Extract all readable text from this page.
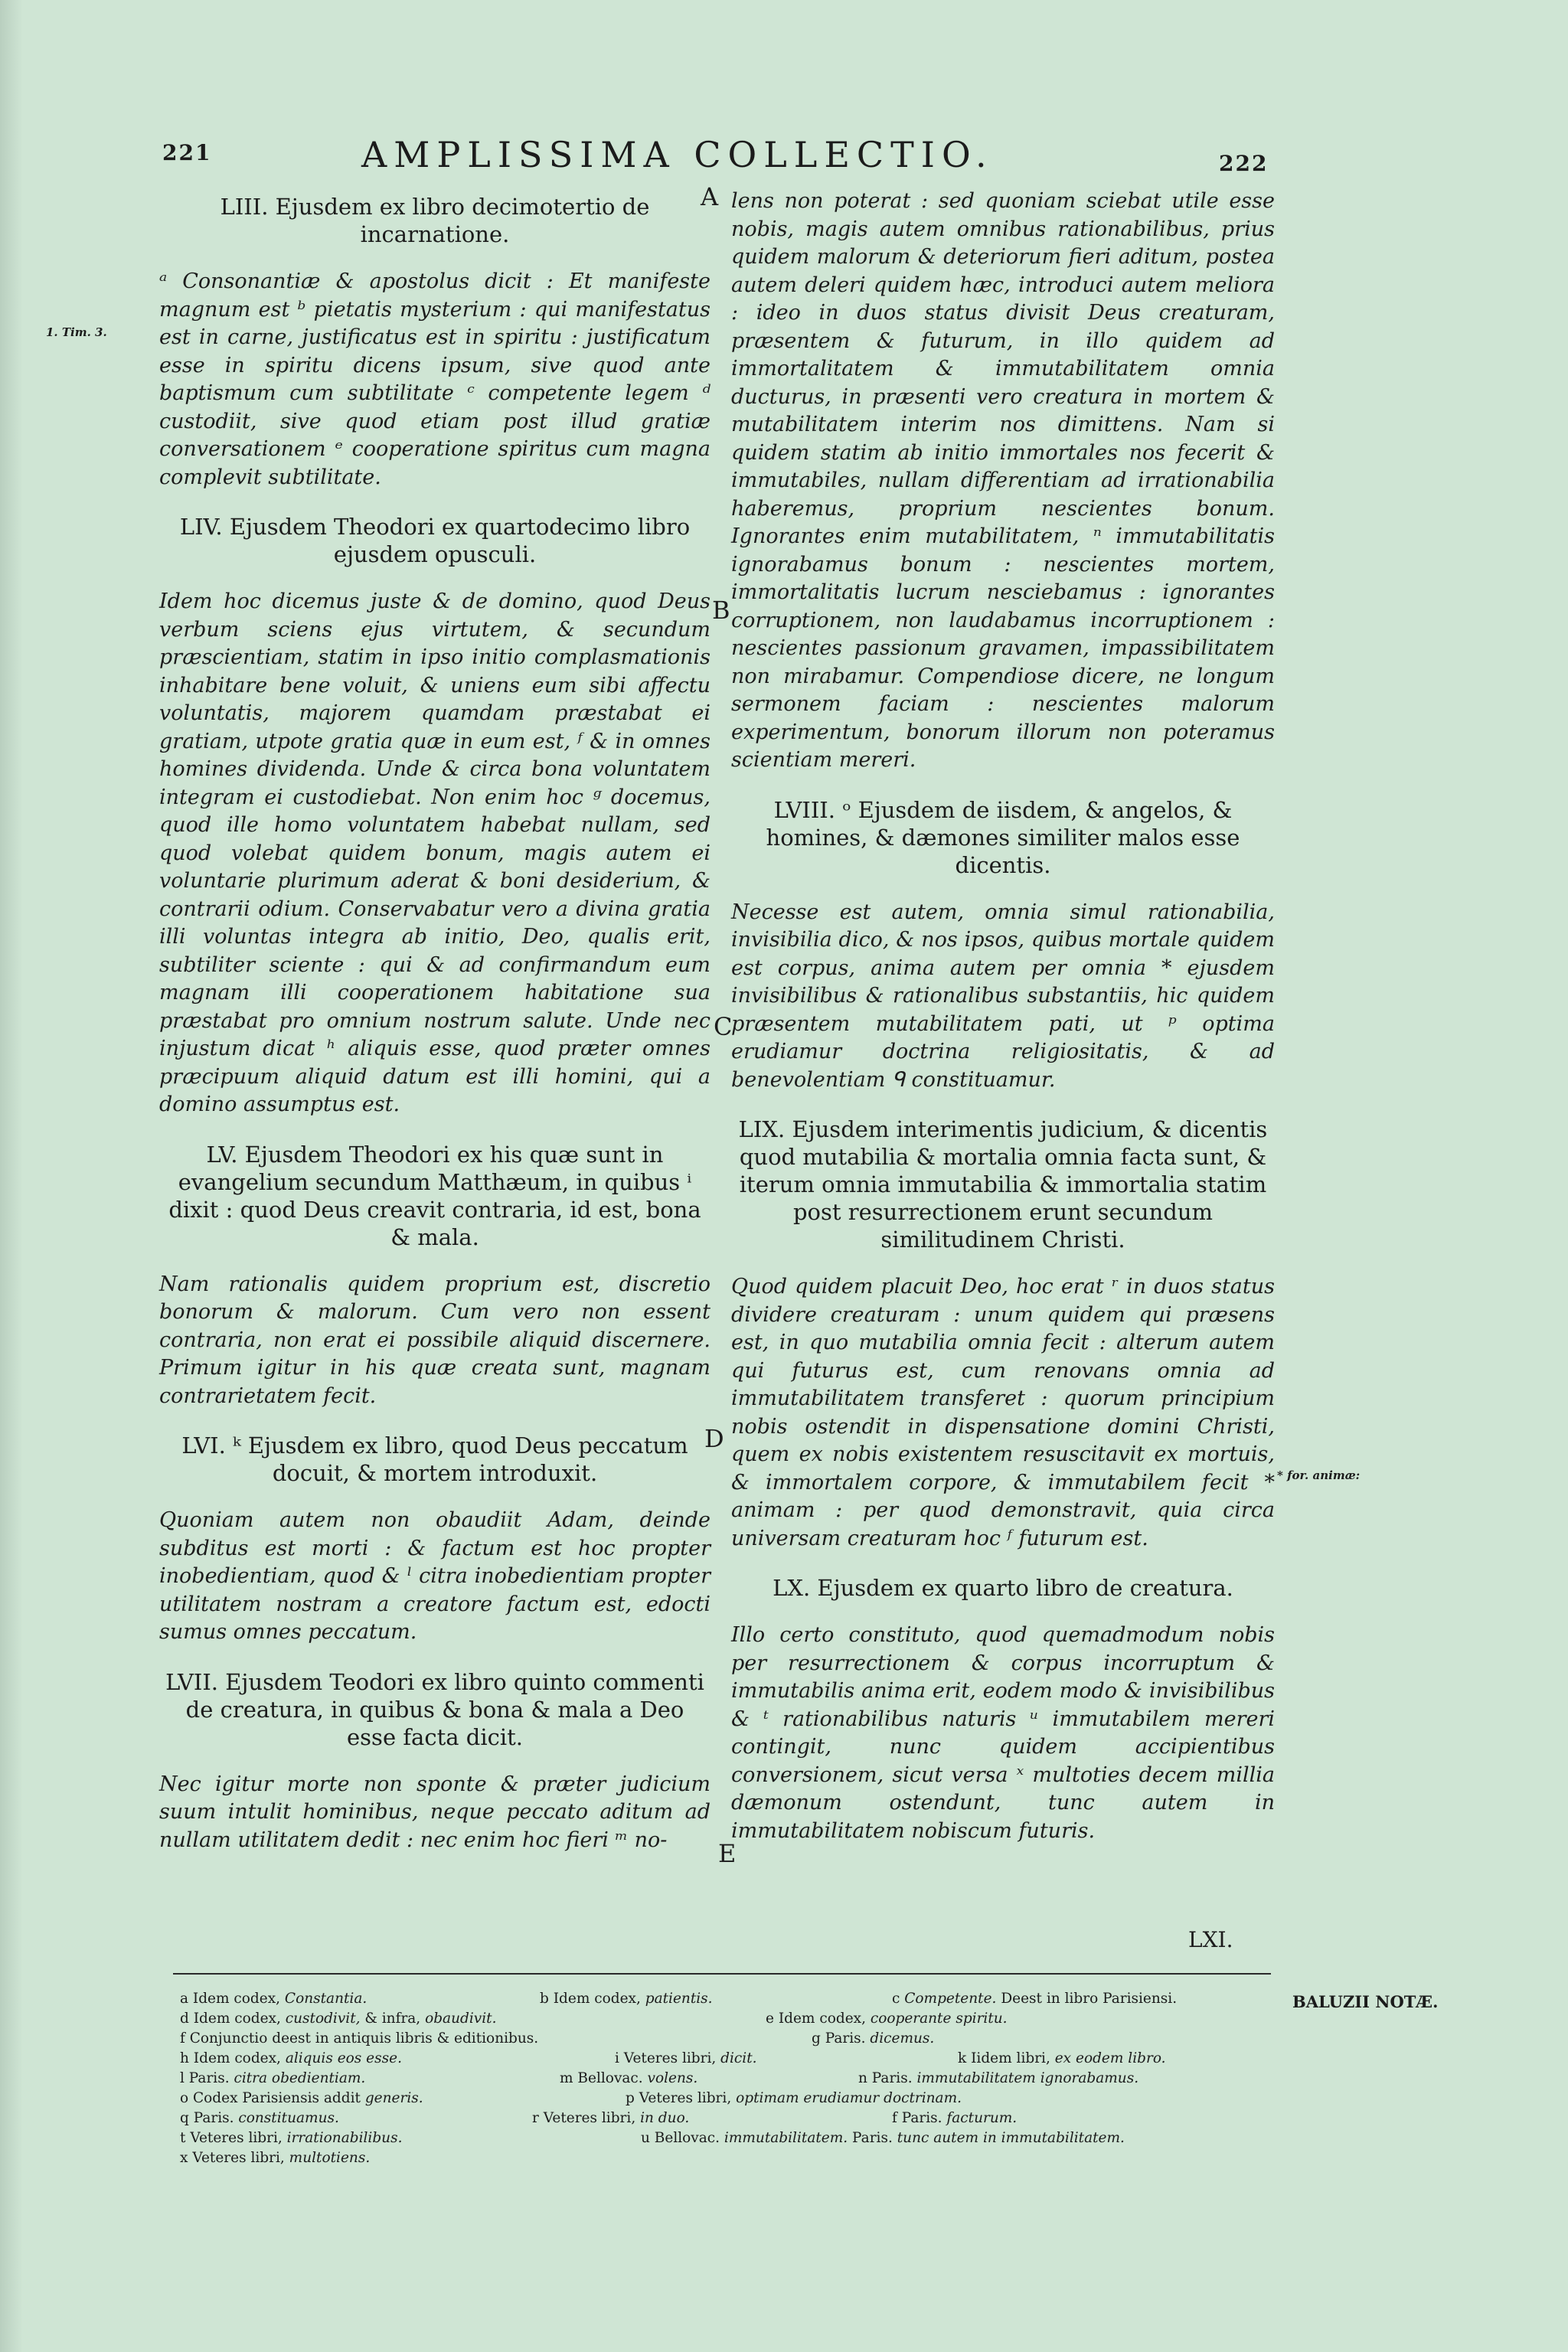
221	AMPLISSIMA COLLECTIO.	222
LIII. Ejusdem ex libro decimotertio de incarnatione.
ᵃ Consonantiæ & apostolus dicit : Et manifeste magnum est ᵇ pietatis mysterium : qui manifestatus est in carne, justificatus est in spiritu : justificatum esse in spiritu dicens ipsum, sive quod ante baptismum cum subtilitate ᶜ competente legem ᵈ custodiit, sive quod etiam post illud gratiæ conversationem ᵉ cooperatione spiritus cum magna complevit subtilitate.
LIV. Ejusdem Theodori ex quartodecimo libro ejusdem opusculi.
Idem hoc dicemus juste & de domino, quod Deus verbum sciens ejus virtutem, & secundum præscientiam, statim in ipso initio complasmationis inhabitare bene voluit, & uniens eum sibi affectu voluntatis, majorem quamdam præstabat ei gratiam, utpote gratia quæ in eum est, ᶠ & in omnes homines dividenda. Unde & circa bona voluntatem integram ei custodiebat. Non enim hoc ᵍ docemus, quod ille homo voluntatem habebat nullam, sed quod volebat quidem bonum, magis autem ei voluntarie plurimum aderat & boni desiderium, & contrarii odium. Conservabatur vero a divina gratia illi voluntas integra ab initio, Deo, qualis erit, subtiliter sciente : qui & ad confirmandum eum magnam illi cooperationem habitatione sua præstabat pro omnium nostrum salute. Unde nec injustum dicat ʰ aliquis esse, quod præter omnes præcipuum aliquid datum est illi homini, qui a domino assumptus est.
LV. Ejusdem Theodori ex his quæ sunt in evangelium secundum Matthæum, in quibus ⁱ dixit : quod Deus creavit contraria, id est, bona & mala.
Nam rationalis quidem proprium est, discretio bonorum & malorum. Cum vero non essent contraria, non erat ei possibile aliquid discernere. Primum igitur in his quæ creata sunt, magnam contrarietatem fecit.
LVI. ᵏ Ejusdem ex libro, quod Deus peccatum docuit, & mortem introduxit.
Quoniam autem non obaudiit Adam, deinde subditus est morti : & factum est hoc propter inobedientiam, quod & ˡ citra inobedientiam propter utilitatem nostram a creatore factum est, edocti sumus omnes peccatum.
LVII. Ejusdem Teodori ex libro quinto commenti de creatura, in quibus & bona & mala a Deo esse facta dicit.
Nec igitur morte non sponte & præter judicium suum intulit hominibus, neque peccato aditum ad nullam utilitatem dedit : nec enim hoc fieri ᵐ no-
lens non poterat : sed quoniam sciebat utile esse nobis, magis autem omnibus rationabilibus, prius quidem malorum & deteriorum fieri aditum, postea autem deleri quidem hæc, introduci autem meliora : ideo in duos status divisit Deus creaturam, præsentem & futurum, in illo quidem ad immortalitatem & immutabilitatem omnia ducturus, in præsenti vero creatura in mortem & mutabilitatem interim nos dimittens. Nam si quidem statim ab initio immortales nos fecerit & immutabiles, nullam differentiam ad irrationabilia haberemus, proprium nescientes bonum. Ignorantes enim mutabilitatem, ⁿ immutabilitatis ignorabamus bonum : nescientes mortem, immortalitatis lucrum nesciebamus : ignorantes corruptionem, non laudabamus incorruptionem : nescientes passionum gravamen, impassibilitatem non mirabamur. Compendiose dicere, ne longum sermonem faciam : nescientes malorum experimentum, bonorum illorum non poteramus scientiam mereri.
LVIII. ᵒ Ejusdem de iisdem, & angelos, & homines, & dæmones similiter malos esse dicentis.
Necesse est autem, omnia simul rationabilia, invisibilia dico, & nos ipsos, quibus mortale quidem est corpus, anima autem per omnia * ejusdem invisibilibus & rationalibus substantiis, hic quidem præsentem mutabilitatem pati, ut ᵖ optima erudiamur doctrina religiositatis, & ad benevolentiam ᑫ constituamur.
LIX. Ejusdem interimentis judicium, & dicentis quod mutabilia & mortalia omnia facta sunt, & iterum omnia immutabilia & immortalia statim post resurrectionem erunt secundum similitudinem Christi.
Quod quidem placuit Deo, hoc erat ʳ in duos status dividere creaturam : unum quidem qui præsens est, in quo mutabilia omnia fecit : alterum autem qui futurus est, cum renovans omnia ad immutabilitatem transferet : quorum principium nobis ostendit in dispensatione domini Christi, quem ex nobis existentem resuscitavit ex mortuis, & immortalem corpore, & immutabilem fecit * animam : per quod demonstravit, quia circa universam creaturam hoc ᶠ futurum est.
LX. Ejusdem ex quarto libro de creatura.
Illo certo constituto, quod quemadmodum nobis per resurrectionem & corpus incorruptum & immutabilis anima erit, eodem modo & invisibilibus & ᵗ rationabilibus naturis ᵘ immutabilem mereri contingit, nunc quidem accipientibus conversionem, sicut versa ˣ multoties decem millia dæmonum ostendunt, tunc autem in immutabilitatem nobiscum futuris.
A
B
C
D
E
1. Tim. 3.
* for. animæ:
LXI.
a Idem codex, Constantia.	b Idem codex, patientis.	c Competente. Deest in libro Parisiensi.
d Idem codex, custodivit, & infra, obaudivit.	e Idem codex, cooperante spiritu.
f Conjunctio deest in antiquis libris & editionibus.	g Paris. dicemus.
h Idem codex, aliquis eos esse.	i Veteres libri, dicit.	k Iidem libri, ex eodem libro.
l Paris. citra obedientiam.	m Bellovac. volens.	n Paris. immutabilitatem ignorabamus.
o Codex Parisiensis addit generis.	p Veteres libri, optimam erudiamur doctrinam.
q Paris. constituamus.	r Veteres libri, in duo.	f Paris. facturum.
t Veteres libri, irrationabilibus.	u Bellovac. immutabilitatem. Paris. tunc autem in immutabilitatem.
x Veteres libri, multotiens.
BALUZII NOTÆ.
